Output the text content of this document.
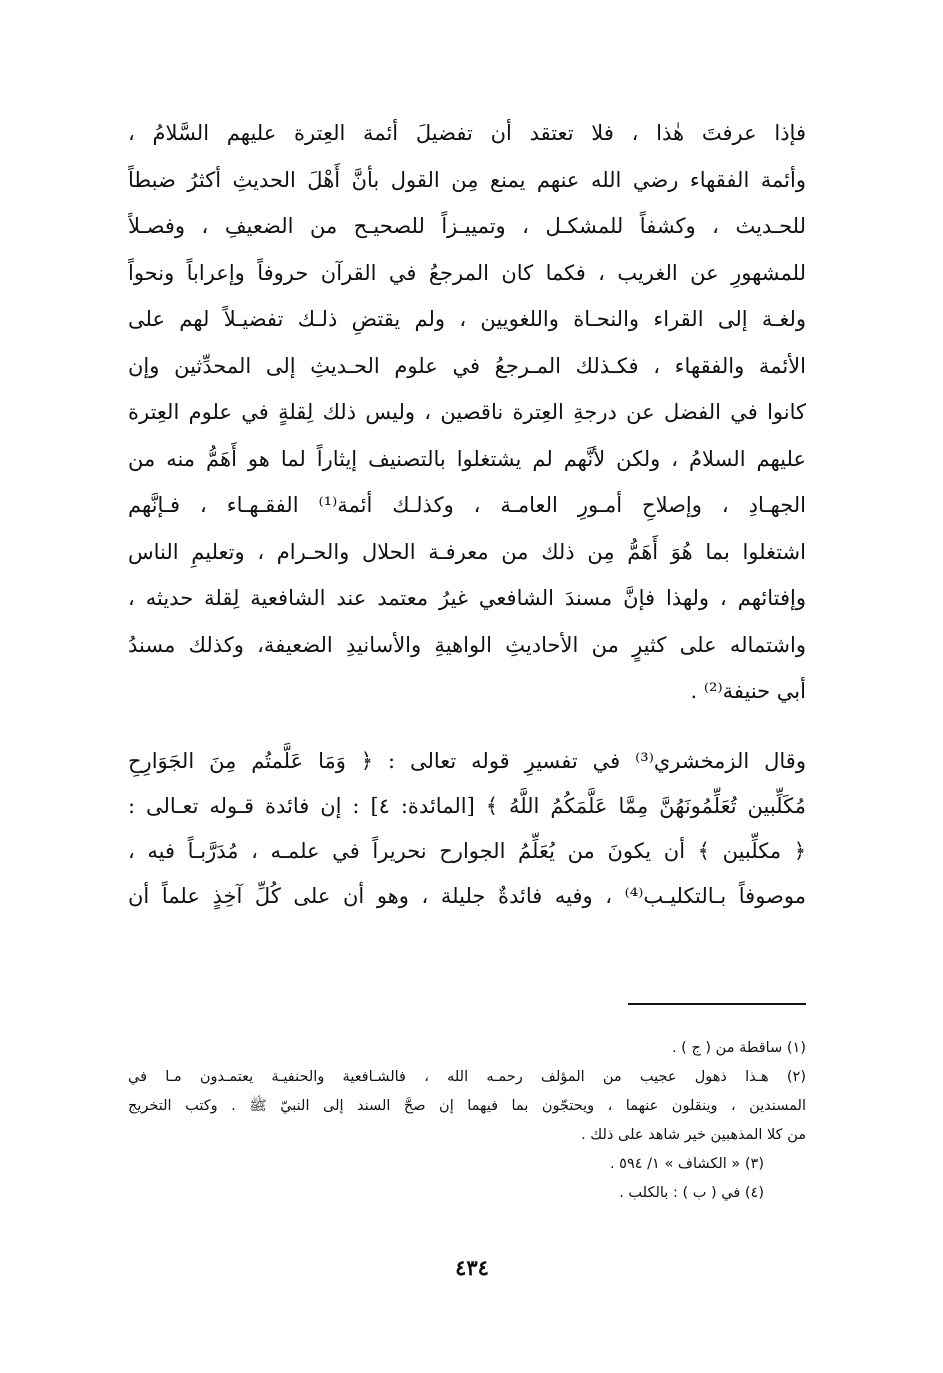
فإذا عرفتَ هٰذا ، فلا تعتقد أن تفضيلَ أئمة العِترة عليهم السَّلامُ ،
وأئمة الفقهاء رضي الله عنهم يمنع مِن القول بأنَّ أَهْلَ الحديثِ أكثرُ ضبطاً
للحـديث ، وكشفاً للمشكـل ، وتمييـزاً للصحيـح من الضعيفِ ، وفصـلاً
للمشهورِ عن الغريب ، فكما كان المرجعُ في القرآن حروفاً وإعراباً ونحواً
ولغـة إلى القراء والنحـاة واللغويين ، ولم يقتضِ ذلـك تفضيـلاً لهم على
الأئمة والفقهاء ، فكـذلك المـرجعُ في علوم الحـديثِ إلى المحدِّثين وإن
كانوا في الفضل عن درجةِ العِترة ناقصين ، وليس ذلك لِقلةٍ في علوم العِترة
عليهم السلامُ ، ولكن لأنَّهم لم يشتغلوا بالتصنيف إيثاراً لما هو أَهَمُّ منه من
الجهـادِ ، وإصلاحِ أمـورِ العامـة ، وكذلـك أئمة⁽¹⁾ الفقـهـاء ، فـإنَّهم
اشتغلوا بما هُوَ أَهَمُّ مِن ذلك من معرفـة الحلال والحـرام ، وتعليمِ الناس
وإفتائهم ، ولهذا فإنَّ مسندَ الشافعي غيرُ معتمد عند الشافعية لِقلة حديثه ،
واشتماله على كثيرٍ من الأحاديثِ الواهيةِ والأسانيدِ الضعيفة، وكذلك مسندُ
أبي حنيفة⁽²⁾ .
وقال الزمخشري⁽³⁾ في تفسيرِ قوله تعالى : ﴿ وَمَا عَلَّمتُم مِنَ الجَوَارِحِ
مُكَلِّبين تُعَلِّمُونَهُنَّ مِمَّا عَلَّمَكُمُ اللَّهُ ﴾ [المائدة: ٤] : إن فائدة قـوله تعـالى :
﴿ مكلِّبين ﴾ أن يكونَ من يُعَلِّمُ الجوارح نحريراً في علمـه ، مُدَرَّبـاً فيه ،
موصوفاً بـالتكليـب⁽⁴⁾ ، وفيه فائدةٌ جليلة ، وهو أن على كُلِّ آخِذٍ علماً أن
(١) ساقطة من ( ج ) .
(٢) هـذا ذهول عجيب من المؤلف رحمـه الله ، فالشـافعية والحنفيـة يعتمـدون مـا في
المسندين ، وينقلون عنهما ، ويحتجّون بما فيهما إن صحَّ السند إلى النبيّ ﷺ . وكتب التخريج
من كلا المذهبين خير شاهد على ذلك .
(٣) « الكشاف » ١/ ٥٩٤ .
(٤) في ( ب ) : بالكلب .
٤٣٤
